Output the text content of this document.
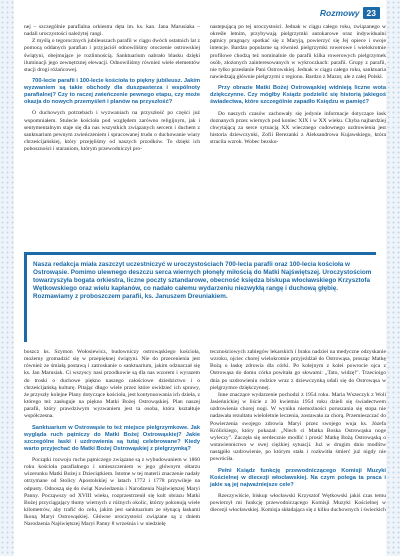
Rozmowy 23

nej – szczególnie parafialna orkiestra dęta im. ks. kan. Jana Marusiaka – nadali uroczystości należytej rangi.

Z myślą o tegorocznych jubileuszach parafii w ciągu dwóch ostatnich lat z pomocą oddanych parafian i przyjaciół odnowiliśmy otoczenie ostrowskiej świątyni, obejmujące je rozlinnością. Sanktuarium nabrało blasku dzięki iluminacji jego zewnętrznej elewacji. Odnowiliśmy również wiele elementów stacji drogi różańcowej.

700-lecie parafii i 100-lecie kościoła to piękny jubileusz. Jakim wyzwaniem są takie obchody dla duszpasterza i wspólnoty parafialnej? Czy to raczej zwieńczenie pewnego etapu, czy może okazja do nowych przemyśleń i planów na przyszłość?

O duchowych potrzebach i wyzwaniach na przyszłość po części już wspomniałem. Stulecie kościoła pod względem zarówno religijnym, jak i sentymentalnym staje się dla nas wszystkich związanych sercem i duchem z sanktuarium pewnym zwieńczeniem i spracowanej trudu o duchowanie wiary chrześcijańskiej, który przejęliśmy od naszych przodków. To dzięki ich poboszności i staraniom, którym przewodniczył pro-

nastepującą po tej uroczystości. Jednak w ciągu całego roku, związanego w określe letnim, przybywają pielgrzymki autokarowe oraz indywidualni pątnicy pragnący spotkać się z Maryją, powierzyć się Jej opiece i swoje intencje. Bardzo popularne są również pielgrzymki rowerowe i wielokrotnie profilowe chodzą też nominalnie do parafii kilka rowerowych pielgrzymek osób, złożonych zainteresowanych w wykroczkach: parafii. Grupy z parafii, nie tylko przesłanie Pani Ostrowskiej. Jednak w ciągu całego roku, sanktuaria nawiedzają głównie pielgrzymi z regionu. Bardzo z Mazur, ale z całej Polski.

Przy obrazie Matki Bożej Ostrowąskiej widnieją liczne wota dziękczynne. Czy mógłby Ksiądz podzielić się historią jakiegoś świadectwa, które szczególnie zapadło Księdzu w pamięć?

Do naszych czasów zachowały się jedynie informacje dotyczące łask doznanych przez wiernych pod koniec XIX i w XX wieku. Chyba najbardziej chwytającą za serce sytuacją XX wiecznego cudownego uzdrowienia jest historia dziewczynki, Zofii Berezanki z Aleksandrowa Kujawskiego, która stracila wzrok. Wobec bezsku-

Nasza redakcja miała zaszczyt uczestniczyć w uroczystościach 700-lecia parafii oraz 100-lecia kościoła w Ostrowąsie. Pomimo ulewnego deszczu serca wiernych płonęły miłością do Matki Najświętszej. Uroczystościom towarzyszyła bogata orkiestra, liczne poczty sztandarowe, obecność księdza biskupa włocławskiego Krzysztofa Wętkowskiego oraz wielu kapłanów, co nadało całemu wydarzeniu niezwykłą rangę i duchową głębię. Rozmawiamy z proboszczem parafii, ks. Januszem Dreuniakiem.

boszcz ks. Szymon Wołosiewicz, budowniczy ostrowąskiego kościoła, możemy gromadzić się w przepięknej świątyni. Nie do przecenienia jest również ze śmiałą postawą i zatroskanie o sanktuarium, jakim odznaczał się ks. Jan Marusiak. Ci wszyscy nasi przodkowie są dla nas wzorem i wyrazem do troski o duchowe piękno naszego całościowe dziedzictwo i o chrześcijańską kulturę. Pitając długo wiele przez które uwidzieć ich sprawy, że przyszły kolejne Plany dotyczące kościoła, jest kontynuowania ich dzieła, z którego też zasługuje na piękno Matki Bożej Ostrowąskiej. Plan naszej parafii, który prawdziwym wyzwaniem jest ta osoba, która kształtuje współczesna.

Sanktuarium w Ostrowąsie to też miejsce pielgrzymkowe. Jak wygląda ruch pątniczy do Matki Bożej Ostrowąskiej? Jakie szczególne łaski i uzdrowienia są tutaj celebrowane? Kiedy warto przyjechać do Matki Bożej Ostrowąskiej z pielgrzymką?

Początki rozwoju ruchu pątniczego związane są z wybudowaniem w 1860 roku kościoła parafialnego i umieszczeniem w jego głównym ołtarzu wizerunku Matki Bożej z Dzieciątkiem. Istotne w tej materii znaczenie nadały otrzymane od Stolicy Apostolskiej w latach 1772 i 1778 przywileje na odpusty. Odnoszą się do świąt Nawiedzenia i Narodzenia Najświętszej Maryi Panny. Począwszy od XVIII wieku, rozprzestrzenił się kult obrazu Matki Bożej przyciągający tłumy wiernych z różnych okolic, którzy pokonują wiele kilometrów, aby trafić do celu, jakim jest sanktuarium ze słynącą łaskami Ikoną Maryi Ostrowąskiej. Główne uroczystości związane są z dniem Narodzenia Najświętszej Maryi Panny 8 września i w niedzielę

tecznościowych zabiegów lekarskich i braku nadziei na medyczne odzyskanie wzroku, ojciec chorej wielokrotnie przyjeżdżał do Ostrowąsa, prosząc Matkę Bożą o łaskę zdrowia dla córki. Po kolejnym z kolei powrocie ojca z Ostrowąsa do domu córka powitała go słowami: „Tato, widzę!". Trzecioigo dnia po uzdrowieniu rodzice wraz z dziewczynką udali się do Ostrowąsa w pielgrzymce dziękczynnej.

Inne znaczące wydarzenie pochodzi z 1954 roku. Maria Wszeczyk z Woli Jasieńnickiej w liście z 30 kwietnia 1954 roku dzieli się świadectwem uzdrowienia chorej nogi. W wyniku niemożności poruszania się stopa nie nadawała rezultatu wieloletnie leczenia, zostawała za chorą. Przemieszczać do Powierzenia swojego zdrowia Maryi przez swojego wuja ks. Józefa Królickiego, który pokazał: „Niech ci Matka Boska Ostrowąska noge wyleczy". Zaczęła się serdecznie modlić i prosić Matkę Bożą Ostrowąską o wstawiennictwo w swej ciężkiej sytuacji. Już w drugim dniu modlitw nastąpiło uzdrowienie, po którym stała i rozkwitła śmierć już nigdy nie powróciła.

Pełni Ksiądz funkcję przewodniczącego Komisji Muzyki Kościelnej w diecezji włocławskiej. Na czym polega ta praca i jakie są jej najważniejsze cele?

Rzeczywiście, biskup włocławski Krzysztof Wętkowski jakiś czas temu powierzył mi funkcję przewodniczącego Komisji Muzyki Kościelnej w diecezji włocławskiej. Komisja składająca się z kilku duchownych i świeckich
